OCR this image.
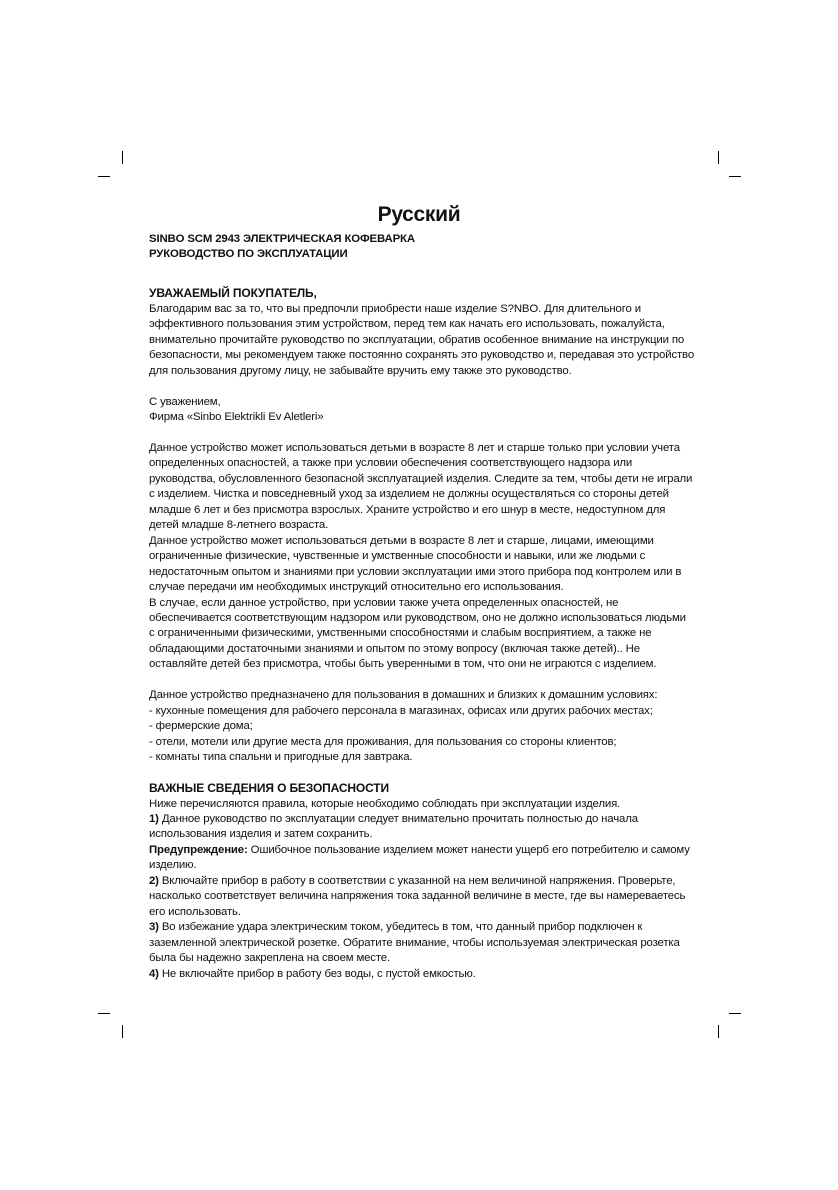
Русский

SINBO SCM 2943 ЭЛЕКТРИЧЕСКАЯ КОФЕВАРКА

РУКОВОДСТВО ПО ЭКСПЛУАТАЦИИ

УВАЖАЕМЫЙ ПОКУПАТЕЛЬ,

Благодарим вас за то, что вы предпочли приобрести наше изделие S?NBO. Для длительного и эффективного пользования этим устройством, перед тем как начать его использовать, пожалуйста, внимательно прочитайте руководство по эксплуатации, обратив особенное внимание на инструкции по безопасности, мы рекомендуем также постоянно сохранять это руководство и, передавая это устройство для пользования другому лицу, не забывайте вручить ему также это руководство.

С уважением,

Фирма «Sinbo Elektrikli Ev Aletleri»

Данное устройство может использоваться детьми в возрасте 8 лет и старше только при условии учета определенных опасностей, а также при условии обеспечения соответствующего надзора или руководства, обусловленного безопасной эксплуатацией изделия. Следите за тем, чтобы дети не играли с изделием. Чистка и повседневный уход за изделием не должны осуществляться со стороны детей младше 6 лет и без присмотра взрослых. Храните устройство и его шнур в месте, недоступном для детей младше 8-летнего возраста.

Данное устройство может использоваться детьми в возрасте 8 лет и старше, лицами, имеющими ограниченные физические, чувственные и умственные способности и навыки, или же людьми с недостаточным опытом и знаниями при условии эксплуатации ими этого прибора под контролем или в случае передачи им необходимых инструкций относительно его использования.

В случае, если данное устройство, при условии также учета определенных опасностей, не обеспечивается соответствующим надзором или руководством, оно не должно использоваться людьми с ограниченными физическими, умственными способностями и слабым восприятием, а также не обладающими достаточными знаниями и опытом по этому вопросу (включая также детей).. Не оставляйте детей без присмотра, чтобы быть уверенными в том, что они не играются с изделием.

Данное устройство предназначено для пользования в домашних и близких к домашним условиях:

- кухонные помещения для рабочего персонала в магазинах, офисах или других рабочих местах;

- фермерские дома;

- отели, мотели или другие места для проживания, для пользования со стороны клиентов;

- комнаты типа спальни и пригодные для завтрака.

ВАЖНЫЕ СВЕДЕНИЯ О БЕЗОПАСНОСТИ

Ниже перечисляются правила, которые необходимо соблюдать при эксплуатации изделия.

1) Данное руководство по эксплуатации следует внимательно прочитать полностью до начала использования изделия и затем сохранить.

Предупреждение: Ошибочное пользование изделием может нанести ущерб его потребителю и самому изделию.

2) Включайте прибор в работу в соответствии с указанной на нем величиной напряжения. Проверьте, насколько соответствует величина напряжения тока заданной величине в месте, где вы намереваетесь его использовать.

3) Во избежание удара электрическим током, убедитесь в том, что данный прибор подключен к заземленной электрической розетке. Обратите внимание, чтобы используемая электрическая розетка была бы надежно закреплена на своем месте.

4) Не включайте прибор в работу без воды, с пустой емкостью.
